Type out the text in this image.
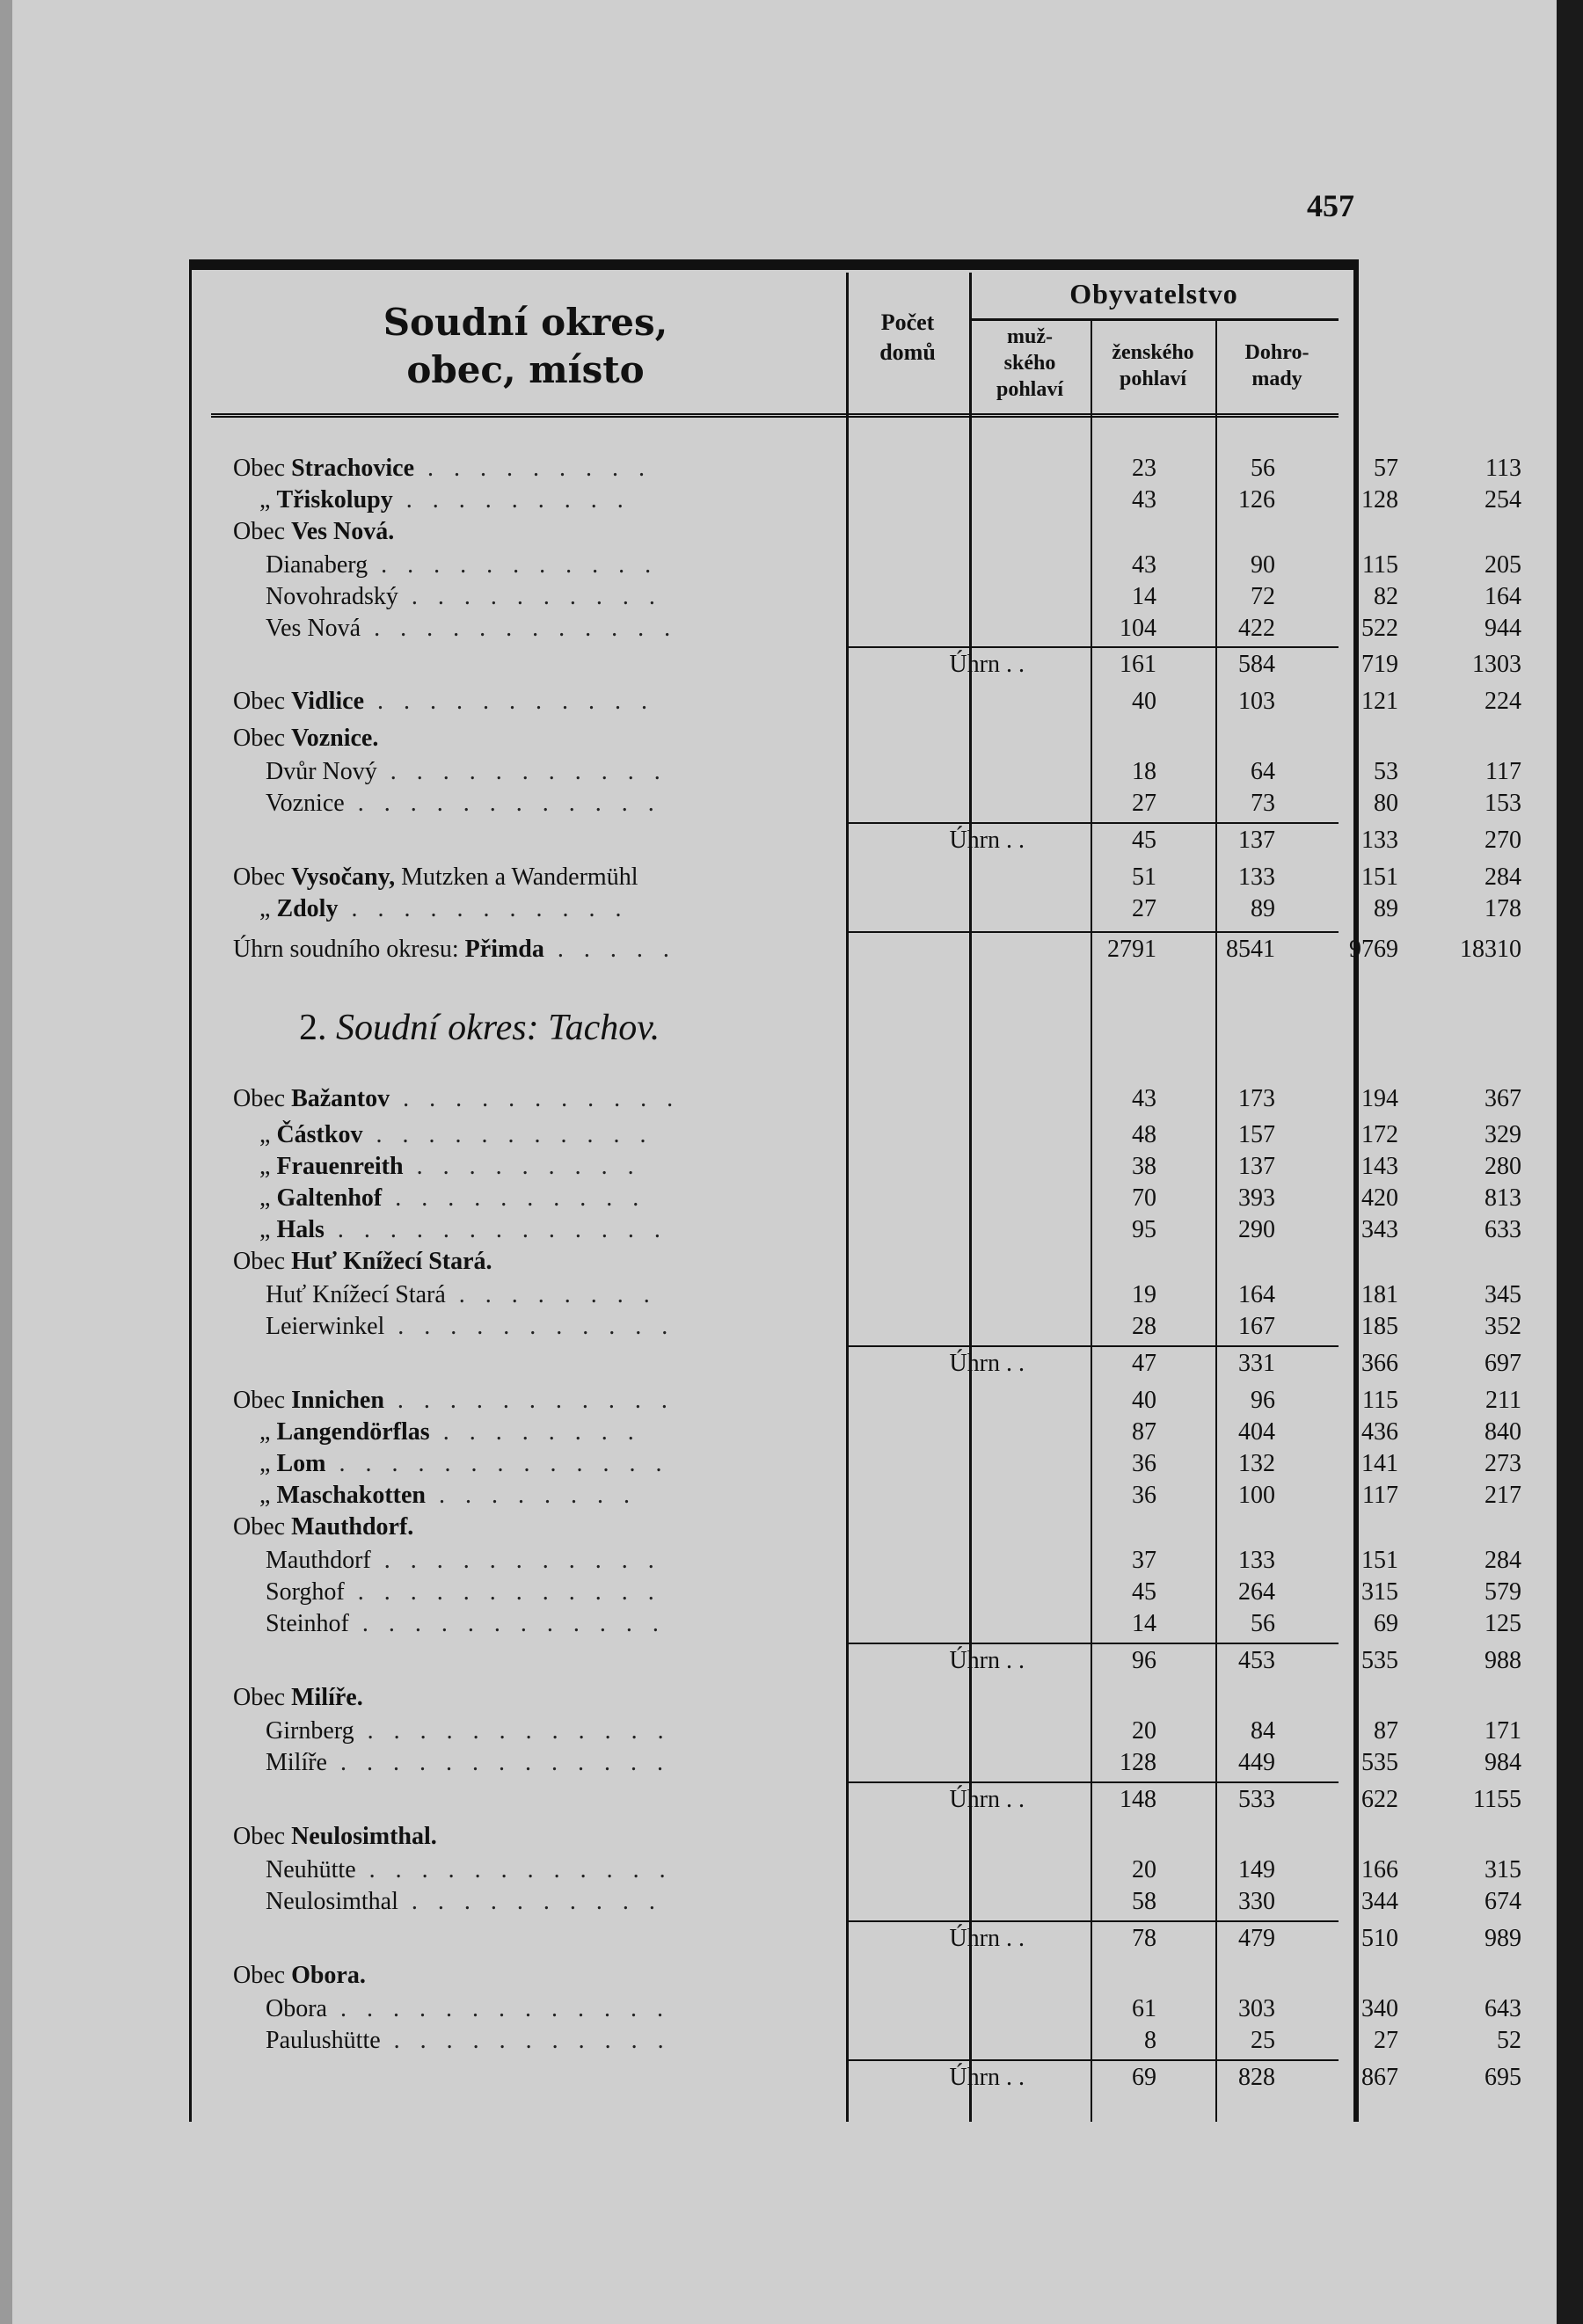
457
Soudní okres,
obec, místo
Počet
domů
Obyvatelstvo
muž-
ského
pohlaví
ženského
pohlaví
Dohro-
mady
2. Soudní okres: Tachov.
Obec Strachovice . . . . . . . . .	23	56	57	113
„ Třiskolupy . . . . . . . . .	43	126	128	254
Obec Ves Nová.
Dianaberg . . . . . . . . . . .	43	90	115	205
Novohradský . . . . . . . . . .	14	72	82	164
Ves Nová . . . . . . . . . . . .	104	422	522	944
Úhrn . .	161	584	719	1303
Obec Vidlice . . . . . . . . . . .	40	103	121	224
Obec Voznice.
Dvůr Nový . . . . . . . . . . .	18	64	53	117
Voznice . . . . . . . . . . . .	27	73	80	153
Úhrn . .	45	137	133	270
Obec Vysočany, Mutzken a Wandermühl	51	133	151	284
„ Zdoly . . . . . . . . . . .	27	89	89	178
Úhrn soudního okresu: Přimda . . . . .	2791	8541	9769	18310
Obec Bažantov . . . . . . . . . . .	43	173	194	367
„ Částkov . . . . . . . . . . .	48	157	172	329
„ Frauenreith . . . . . . . . .	38	137	143	280
„ Galtenhof . . . . . . . . . .	70	393	420	813
„ Hals . . . . . . . . . . . . .	95	290	343	633
Obec Huť Knížecí Stará.
Huť Knížecí Stará . . . . . . . .	19	164	181	345
Leierwinkel . . . . . . . . . . .	28	167	185	352
Úhrn . .	47	331	366	697
Obec Innichen . . . . . . . . . . .	40	96	115	211
„ Langendörflas . . . . . . . .	87	404	436	840
„ Lom . . . . . . . . . . . . .	36	132	141	273
„ Maschakotten . . . . . . . .	36	100	117	217
Obec Mauthdorf.
Mauthdorf . . . . . . . . . . .	37	133	151	284
Sorghof . . . . . . . . . . . .	45	264	315	579
Steinhof . . . . . . . . . . . .	14	56	69	125
Úhrn . .	96	453	535	988
Obec Milíře.
Girnberg . . . . . . . . . . . .	20	84	87	171
Milíře . . . . . . . . . . . . .	128	449	535	984
Úhrn . .	148	533	622	1155
Obec Neulosimthal.
Neuhütte . . . . . . . . . . . .	20	149	166	315
Neulosimthal . . . . . . . . . .	58	330	344	674
Úhrn . .	78	479	510	989
Obec Obora.
Obora . . . . . . . . . . . . .	61	303	340	643
Paulushütte . . . . . . . . . . .	8	25	27	52
Úhrn . .	69	828	867	695
